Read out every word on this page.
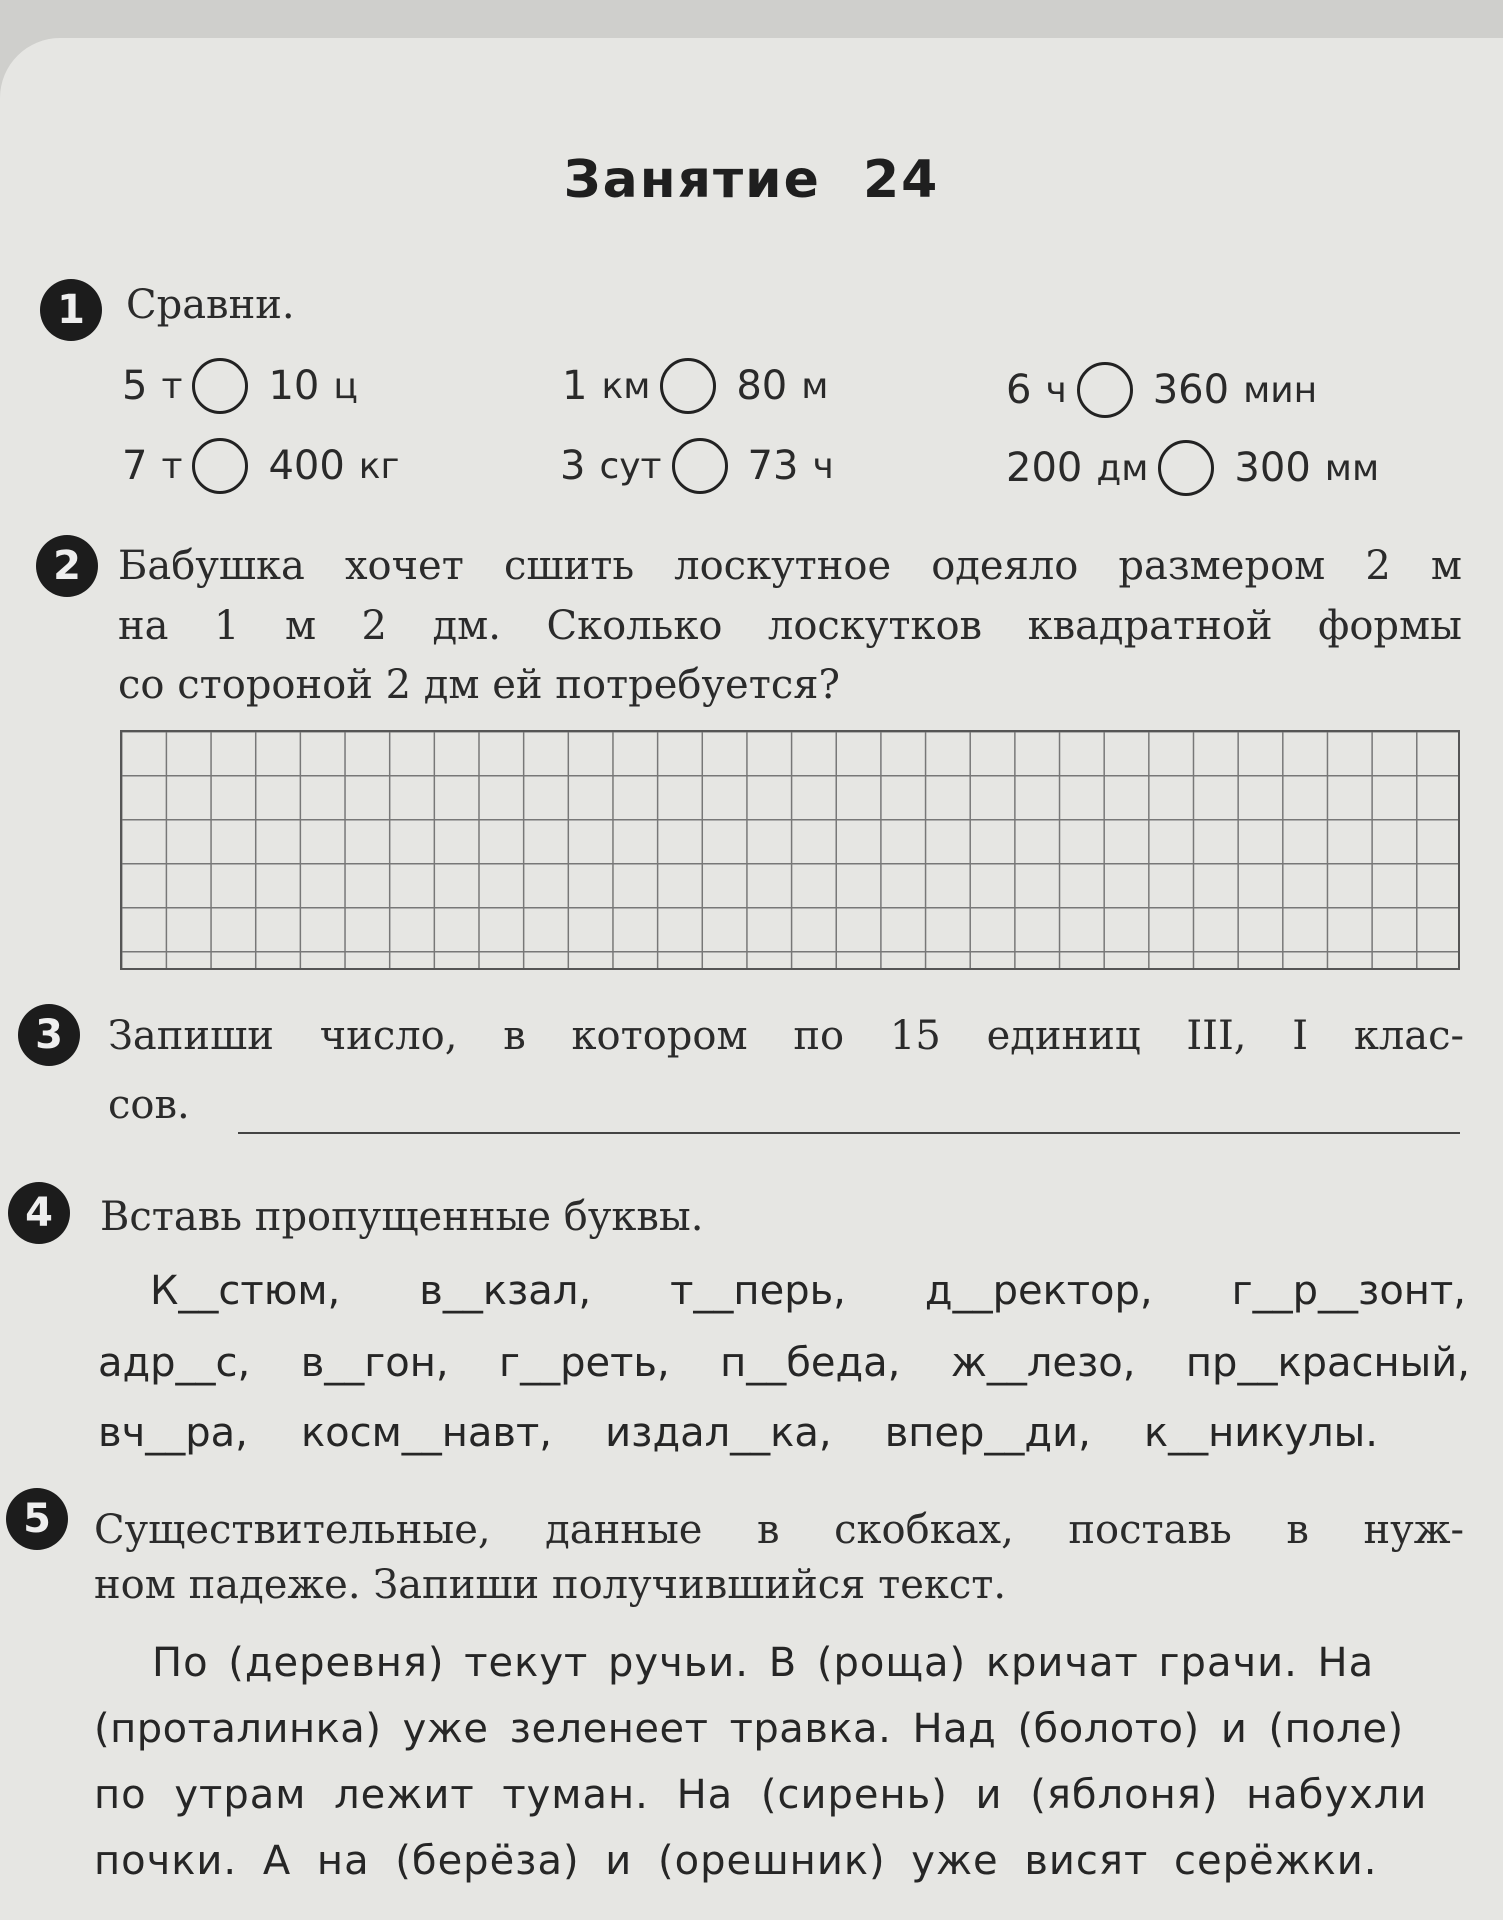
Занятие 24
1	Сравни.
5 т 10 ц	1 км 80 м	6 ч 360 мин
7 т 400 кг	3 сут 73 ч	200 дм 300 мм
2 Бабушка хочет сшить лоскутное одеяло размером 2 м
на 1 м 2 дм. Сколько лоскутков квадратной формы
со стороной 2 дм ей потребуется?
3	Запиши число, в котором по 15 единиц III, I клас-
сов.
4	Вставь пропущенные буквы.
К__стюм, в__кзал, т__перь, д__ректор, г__р__зонт,
адр__с, в__гон, г__реть, п__беда, ж__лезо, пр__красный,
вч__ра, косм__навт, издал__ка, впер__ди, к__никулы.
5	Существительные, данные в скобках, поставь в нуж-
ном падеже. Запиши получившийся текст.
По (деревня) текут ручьи. В (роща) кричат грачи. На
(проталинка) уже зеленеет травка. Над (болото) и (поле)
по утрам лежит туман. На (сирень) и (яблоня) набухли
почки. А на (берёза) и (орешник) уже висят серёжки.
